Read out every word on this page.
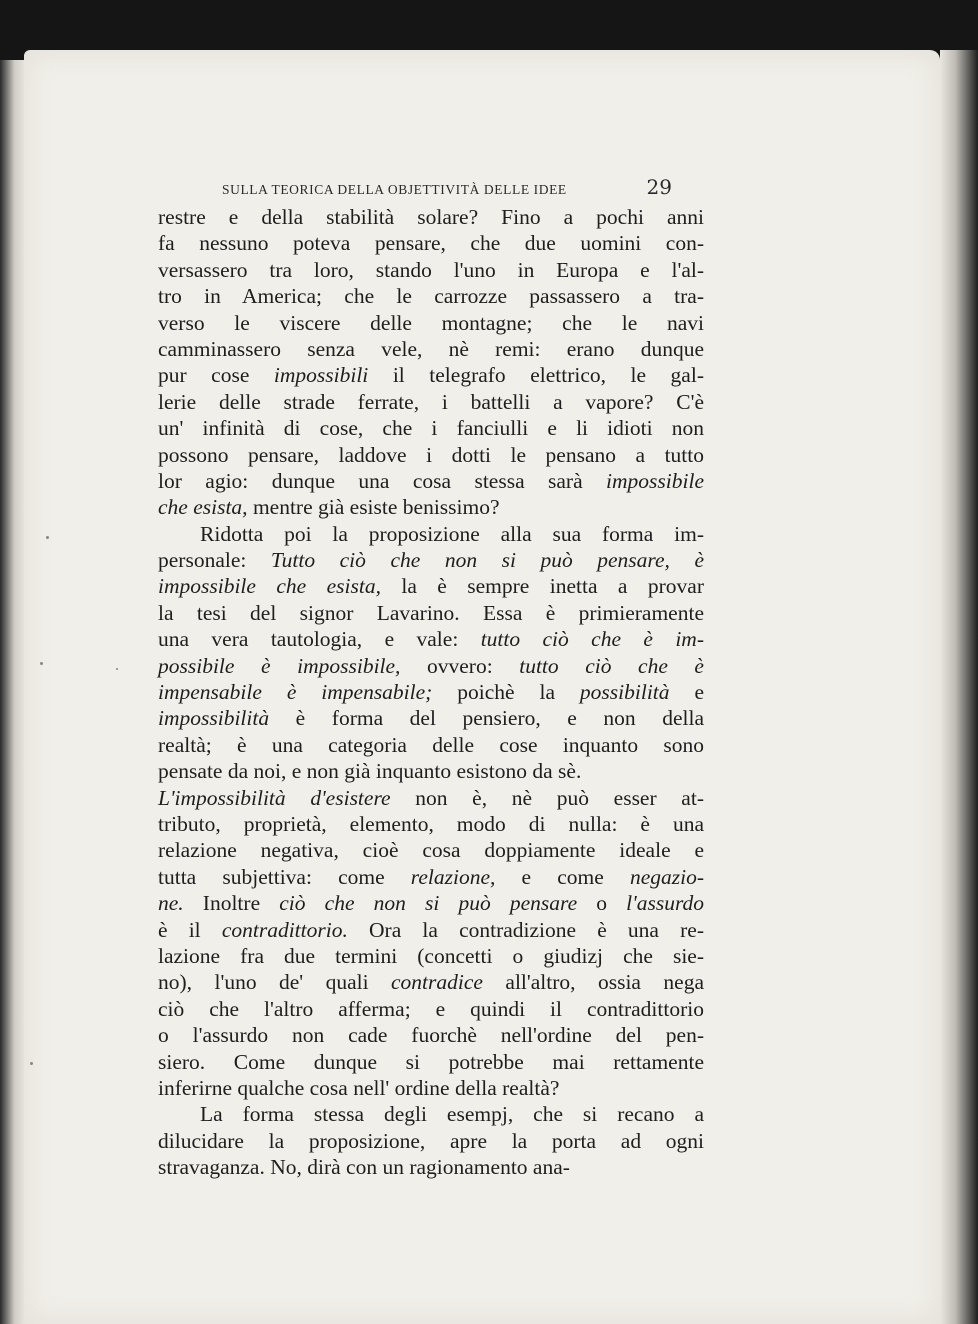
SULLA TEORICA DELLA OBJETTIVITÀ DELLE IDEE	29
restre e della stabilità solare? Fino a pochi anni
fa nessuno poteva pensare, che due uomini con-
versassero tra loro, stando l'uno in Europa e l'al-
tro in America; che le carrozze passassero a tra-
verso le viscere delle montagne; che le navi
camminassero senza vele, nè remi: erano dunque
pur cose impossibili il telegrafo elettrico, le gal-
lerie delle strade ferrate, i battelli a vapore? C'è
un' infinità di cose, che i fanciulli e li idioti non
possono pensare, laddove i dotti le pensano a tutto
lor agio: dunque una cosa stessa sarà impossibile
che esista, mentre già esiste benissimo?
Ridotta poi la proposizione alla sua forma im-
personale: Tutto ciò che non si può pensare, è
impossibile che esista, la è sempre inetta a provar
la tesi del signor Lavarino. Essa è primieramente
una vera tautologia, e vale: tutto ciò che è im-
possibile è impossibile, ovvero: tutto ciò che è
impensabile è impensabile; poichè la possibilità e
impossibilità è forma del pensiero, e non della
realtà; è una categoria delle cose inquanto sono
pensate da noi, e non già inquanto esistono da sè.
L'impossibilità d'esistere non è, nè può esser at-
tributo, proprietà, elemento, modo di nulla: è una
relazione negativa, cioè cosa doppiamente ideale e
tutta subjettiva: come relazione, e come negazio-
ne. Inoltre ciò che non si può pensare o l'assurdo
è il contradittorio. Ora la contradizione è una re-
lazione fra due termini (concetti o giudizj che sie-
no), l'uno de' quali contradice all'altro, ossia nega
ciò che l'altro afferma; e quindi il contradittorio
o l'assurdo non cade fuorchè nell'ordine del pen-
siero. Come dunque si potrebbe mai rettamente
inferirne qualche cosa nell' ordine della realtà?
La forma stessa degli esempj, che si recano a
dilucidare la proposizione, apre la porta ad ogni
stravaganza. No, dirà con un ragionamento ana-
